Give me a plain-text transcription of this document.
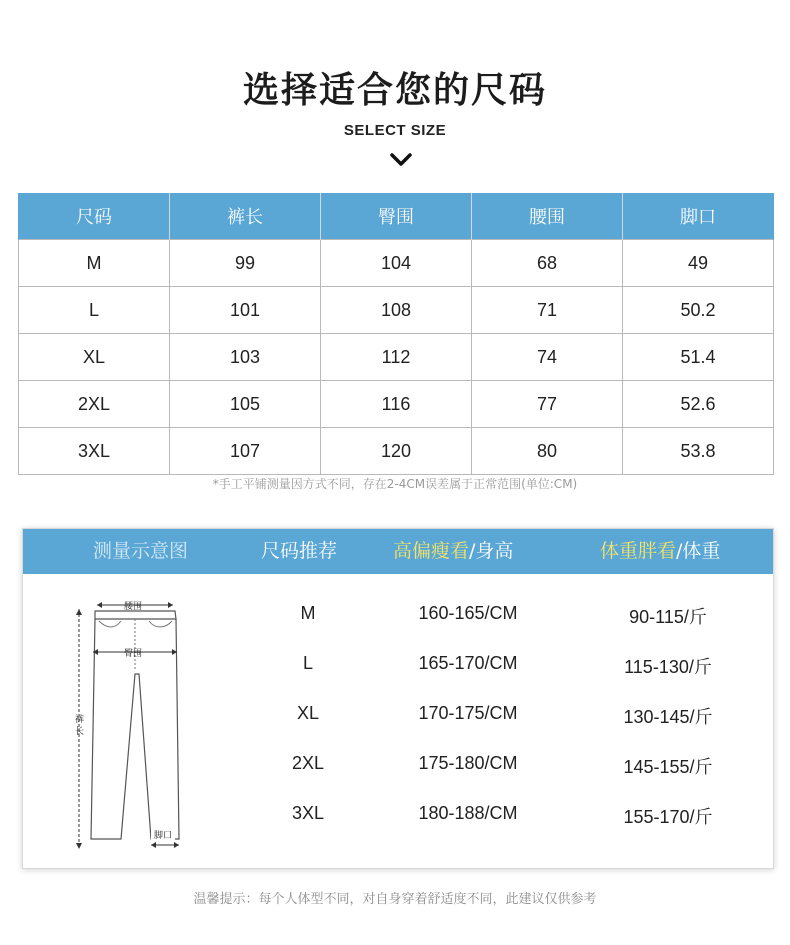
选择适合您的尺码
SELECT SIZE
尺码	裤长	臀围	腰围	脚口
M	99	104	68	49
L	101	108	71	50.2
XL	103	112	74	51.4
2XL	105	116	77	52.6
3XL	107	120	80	53.8
*手工平铺测量因方式不同，存在2-4CM误差属于正常范围(单位:CM)
测量示意图	尺码推荐	高偏瘦看/身高	体重胖看/体重
腰围
裤
长
臀围
脚口
M	160-165/CM	90-115/斤
L	165-170/CM	115-130/斤
XL	170-175/CM	130-145/斤
2XL	175-180/CM	145-155/斤
3XL	180-188/CM	155-170/斤
温馨提示：每个人体型不同，对自身穿着舒适度不同，此建议仅供参考
